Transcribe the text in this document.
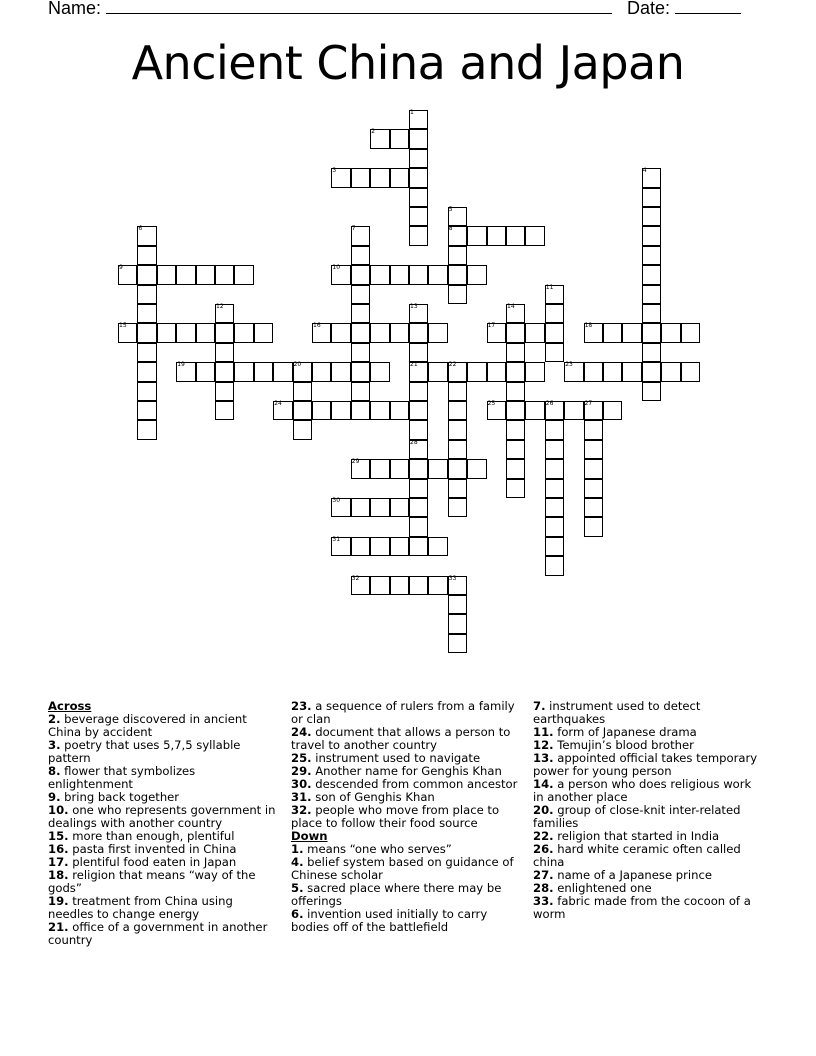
Name:	Date:
Ancient China and Japan
1
2
3	4
5
6	7	8
9	10
11
12	13	14
15	16	17	18
19	20	21	22	23
24	25	26	27
28
29
30
31
32	33
Across

2. beverage discovered in ancient China by accident

3. poetry that uses 5,7,5 syllable pattern

8. flower that symbolizes enlightenment

9. bring back together

10. one who represents government in dealings with another country

15. more than enough, plentiful

16. pasta first invented in China

17. plentiful food eaten in Japan

18. religion that means “way of the gods”

19. treatment from China using needles to change energy

21. office of a government in another country

23. a sequence of rulers from a family or clan

24. document that allows a person to travel to another country

25. instrument used to navigate

29. Another name for Genghis Khan

30. descended from common ancestor

31. son of Genghis Khan

32. people who move from place to place to follow their food source

Down

1. means “one who serves”

4. belief system based on guidance of Chinese scholar

5. sacred place where there may be offerings

6. invention used initially to carry bodies off of the battlefield

7. instrument used to detect earthquakes

11. form of Japanese drama

12. Temujin’s blood brother

13. appointed official takes temporary power for young person

14. a person who does religious work in another place

20. group of close-knit inter-related families

22. religion that started in India

26. hard white ceramic often called china

27. name of a Japanese prince

28. enlightened one

33. fabric made from the cocoon of a worm
